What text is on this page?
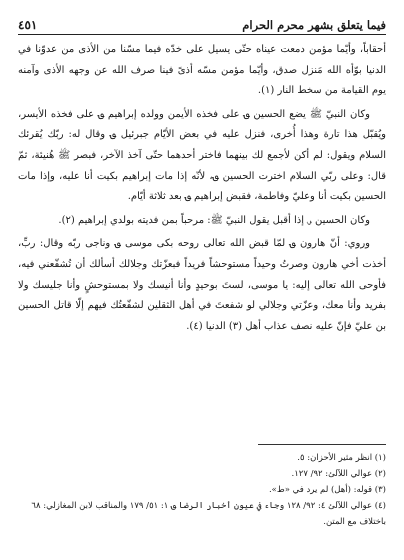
فيما يتعلق بشهر محرم الحرام
٤٥١

أحقاباً، وأيّما مؤمن دمعت عيناه حتّى يسيل على خدّه فيما مسّنا من الأذى من عدوّنا في الدنيا بوّأه الله مَنزل صدق، وأيّما مؤمن مسّه أذىً فينا صرف الله عن وجهه الأذى وآمنه يوم القيامة من سخط النار (١).

وكان النبيّ ﷺ يضع الحسين ؈ على فخذه الأيمن وولده إبراهيم ؈ على فخذه الأيسر، ويُقبّل هذا تارة وهذا أُخرى، فنزل عليه في بعض الأيّام جبرئيل ؈ وقال له: ربّك يُقرئك السلام ويقول: لم أكن لأجمع لك بينهما فاختر أحدهما حتّى آخذ الآخر، فبصر ﷺ هُنيئة، ثمّ قال: وعلى ربّي السلام اخترت الحسين ؈، لأنّه إذا مات إبراهيم بكيت أنا عليه، وإذا مات الحسين بكيت أنا وعليّ وفاطمة، فقبض إبراهيم ؈ بعد ثلاثة أيّام.

وكان الحسين ؈ إذا أقبل يقول النبيّ ﷺ: مرحباً بمن فديته بولدي إبراهيم (٢).

وروي: أنّ هارون ؈ لمّا قبض الله تعالى روحه بكى موسى ؈ وناجى ربّه وقال: ربِّ، أخذت أخي هارون وصرتُ وحيداً مستوحشاً فريداً فبعزّتك وجلالك أسألك أن تُشفّعني فيه، فأوحى الله تعالى إليه: يا موسى، لستَ بوحيدٍ وأنا أنيسك ولا بمستوحشٍ وأنا جليسك ولا بفريد وأنا معك، وعزّتي وجلالي لو شفعتَ في أهل الثقلين لشفّعتُك فيهم إلّا قاتل الحسين بن عليّ فإنّ عليه نصف عذاب أهل (٣) الدنيا (٤).

(١) انظر مثير الأحزان: ٥.
(٢) عوالي اللآلئ: ٩٢/ ١٢٧.
(٣) قوله: (أهل) لم يرد في «ط».
(٤) عوالي اللآلئ ٤: ٩٢/ ١٢٨ وجاء في عيون أخبار الرضا ؈ ١: ٥١/ ١٧٩ والمناقب لابن المغازلي: ٦٨ باختلاف مع المتن.
